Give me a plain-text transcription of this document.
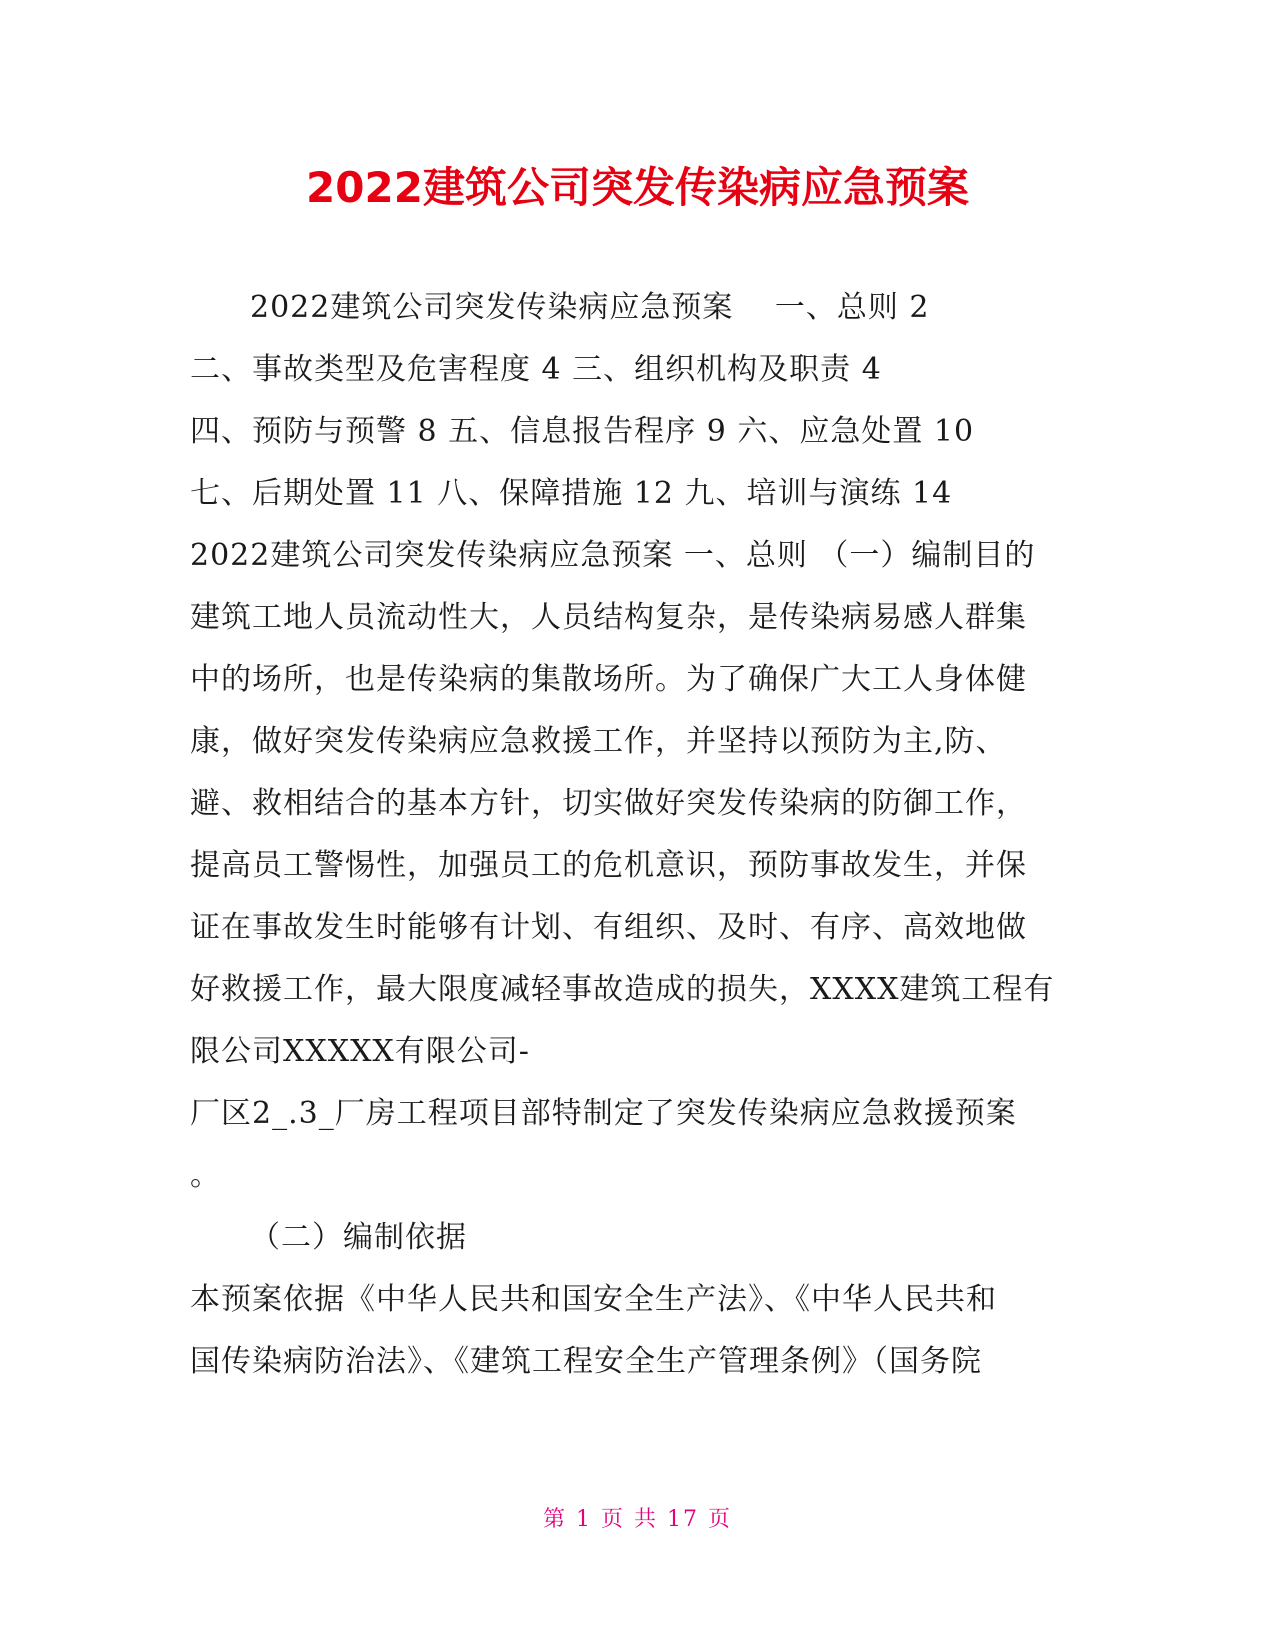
2022建筑公司突发传染病应急预案
2022建筑公司突发传染病应急预案　 一、总则 2
二、事故类型及危害程度 4 三、组织机构及职责 4
四、预防与预警 8 五、信息报告程序 9 六、应急处置 10
七、后期处置 11 八、保障措施 12 九、培训与演练 14
2022建筑公司突发传染病应急预案 一、总则 （一）编制目的
建筑工地人员流动性大，人员结构复杂，是传染病易感人群集
中的场所，也是传染病的集散场所。为了确保广大工人身体健
康，做好突发传染病应急救援工作，并坚持以预防为主,防、
避、救相结合的基本方针，切实做好突发传染病的防御工作，
提高员工警惕性，加强员工的危机意识，预防事故发生，并保
证在事故发生时能够有计划、有组织、及时、有序、高效地做
好救援工作，最大限度减轻事故造成的损失，XXXX建筑工程有
限公司XXXXX有限公司-
厂区2_.3_厂房工程项目部特制定了突发传染病应急救援预案
。
（二）编制依据
本预案依据《中华人民共和国安全生产法》、《中华人民共和
国传染病防治法》、《建筑工程安全生产管理条例》（国务院
第 1 页 共 17 页
